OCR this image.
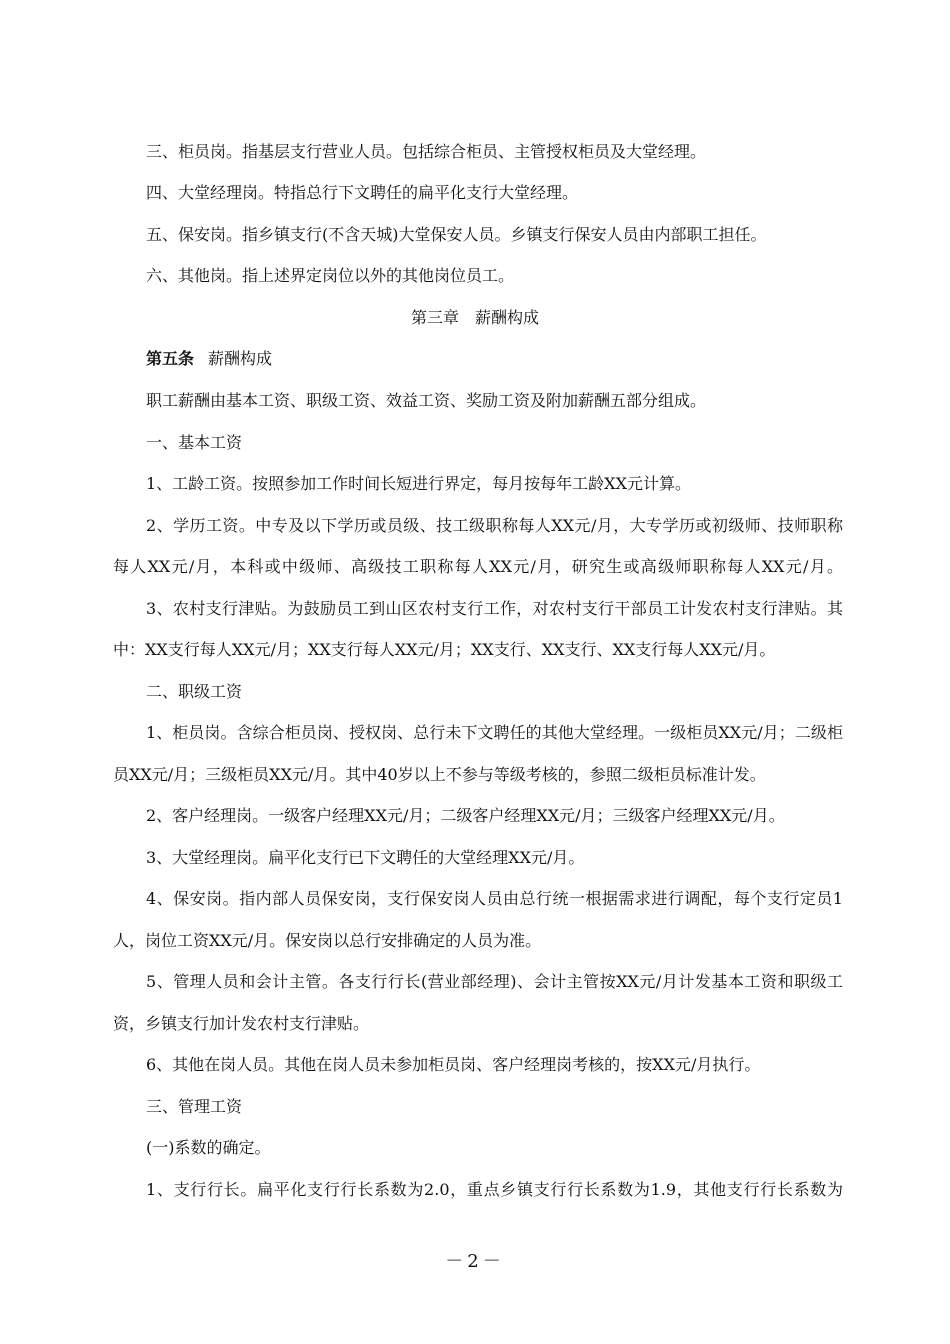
三、柜员岗。指基层支行营业人员。包括综合柜员、主管授权柜员及大堂经理。
四、大堂经理岗。特指总行下文聘任的扁平化支行大堂经理。
五、保安岗。指乡镇支行(不含天城)大堂保安人员。乡镇支行保安人员由内部职工担任。
六、其他岗。指上述界定岗位以外的其他岗位员工。
第三章　薪酬构成
第五条 薪酬构成
职工薪酬由基本工资、职级工资、效益工资、奖励工资及附加薪酬五部分组成。
一、基本工资
1、工龄工资。按照参加工作时间长短进行界定，每月按每年工龄XX元计算。
2、学历工资。中专及以下学历或员级、技工级职称每人XX元/月，大专学历或初级师、技师职称
每人XX元/月，本科或中级师、高级技工职称每人XX元/月，研究生或高级师职称每人XX元/月。
3、农村支行津贴。为鼓励员工到山区农村支行工作，对农村支行干部员工计发农村支行津贴。其
中：XX支行每人XX元/月；XX支行每人XX元/月；XX支行、XX支行、XX支行每人XX元/月。
二、职级工资
1、柜员岗。含综合柜员岗、授权岗、总行未下文聘任的其他大堂经理。一级柜员XX元/月；二级柜
员XX元/月；三级柜员XX元/月。其中40岁以上不参与等级考核的，参照二级柜员标准计发。
2、客户经理岗。一级客户经理XX元/月；二级客户经理XX元/月；三级客户经理XX元/月。
3、大堂经理岗。扁平化支行已下文聘任的大堂经理XX元/月。
4、保安岗。指内部人员保安岗，支行保安岗人员由总行统一根据需求进行调配，每个支行定员1
人，岗位工资XX元/月。保安岗以总行安排确定的人员为准。
5、管理人员和会计主管。各支行行长(营业部经理)、会计主管按XX元/月计发基本工资和职级工
资，乡镇支行加计发农村支行津贴。
6、其他在岗人员。其他在岗人员未参加柜员岗、客户经理岗考核的，按XX元/月执行。
三、管理工资
(一)系数的确定。
1、支行行长。扁平化支行行长系数为2.0，重点乡镇支行行长系数为1.9，其他支行行长系数为
－2－
